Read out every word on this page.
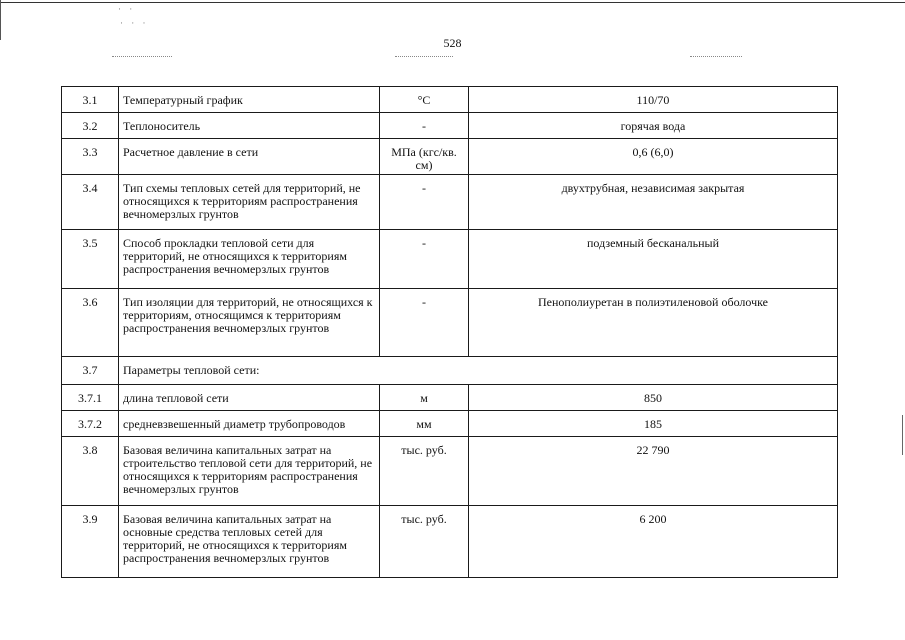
· ·
· · ·
528
3.1	Температурный график	°C	110/70
3.2	Теплоноситель	-	горячая вода
3.3	Расчетное давление в сети	МПа (кгс/кв. см)	0,6 (6,0)
3.4	Тип схемы тепловых сетей для территорий, не относящихся к территориям распространения вечномерзлых грунтов	-	двухтрубная, независимая закрытая
3.5	Способ прокладки тепловой сети для территорий, не относящихся к территориям распространения вечномерзлых грунтов	-	подземный бесканальный
3.6	Тип изоляции для территорий, не относящихся к территориям, относящимся к территориям распространения вечномерзлых грунтов	-	Пенополиуретан в полиэтиленовой оболочке
3.7	Параметры тепловой сети:		
3.7.1	длина тепловой сети	м	850
3.7.2	средневзвешенный диаметр трубопроводов	мм	185
3.8	Базовая величина капитальных затрат на строительство тепловой сети для территорий, не относящихся к территориям распространения вечномерзлых грунтов	тыс. руб.	22 790
3.9	Базовая величина капитальных затрат на основные средства тепловых сетей для территорий, не относящихся к территориям распространения вечномерзлых грунтов	тыс. руб.	6 200
